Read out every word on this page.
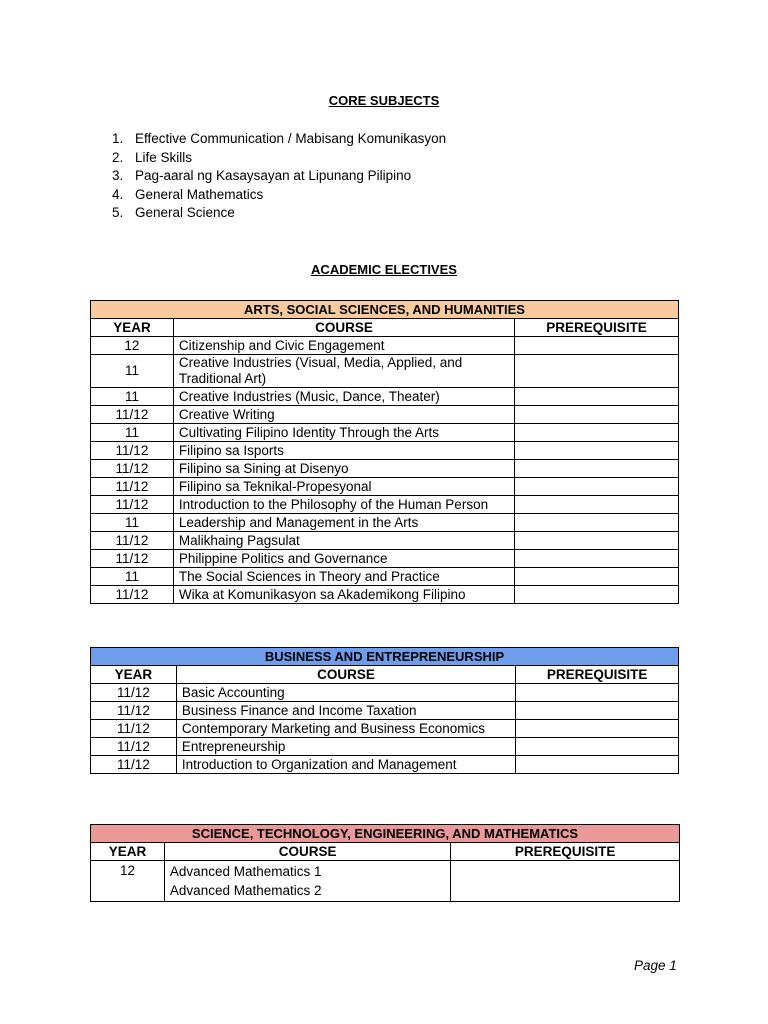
CORE SUBJECTS
1. Effective Communication / Mabisang Komunikasyon
2. Life Skills
3. Pag-aaral ng Kasaysayan at Lipunang Pilipino
4. General Mathematics
5. General Science
ACADEMIC ELECTIVES
ARTS, SOCIAL SCIENCES, AND HUMANITIES		
YEAR	COURSE	PREREQUISITE
12	Citizenship and Civic Engagement	
11	Creative Industries (Visual, Media, Applied, and Traditional Art)	
11	Creative Industries (Music, Dance, Theater)	
11/12	Creative Writing	
11	Cultivating Filipino Identity Through the Arts	
11/12	Filipino sa Isports	
11/12	Filipino sa Sining at Disenyo	
11/12	Filipino sa Teknikal-Propesyonal	
11/12	Introduction to the Philosophy of the Human Person	
11	Leadership and Management in the Arts	
11/12	Malikhaing Pagsulat	
11/12	Philippine Politics and Governance	
11	The Social Sciences in Theory and Practice	
11/12	Wika at Komunikasyon sa Akademikong Filipino	
BUSINESS AND ENTREPRENEURSHIP		
YEAR	COURSE	PREREQUISITE
11/12	Basic Accounting	
11/12	Business Finance and Income Taxation	
11/12	Contemporary Marketing and Business Economics	
11/12	Entrepreneurship	
11/12	Introduction to Organization and Management	
SCIENCE, TECHNOLOGY, ENGINEERING, AND MATHEMATICS		
YEAR	COURSE	PREREQUISITE
12	Advanced Mathematics 1
Advanced Mathematics 2	

Page 1
